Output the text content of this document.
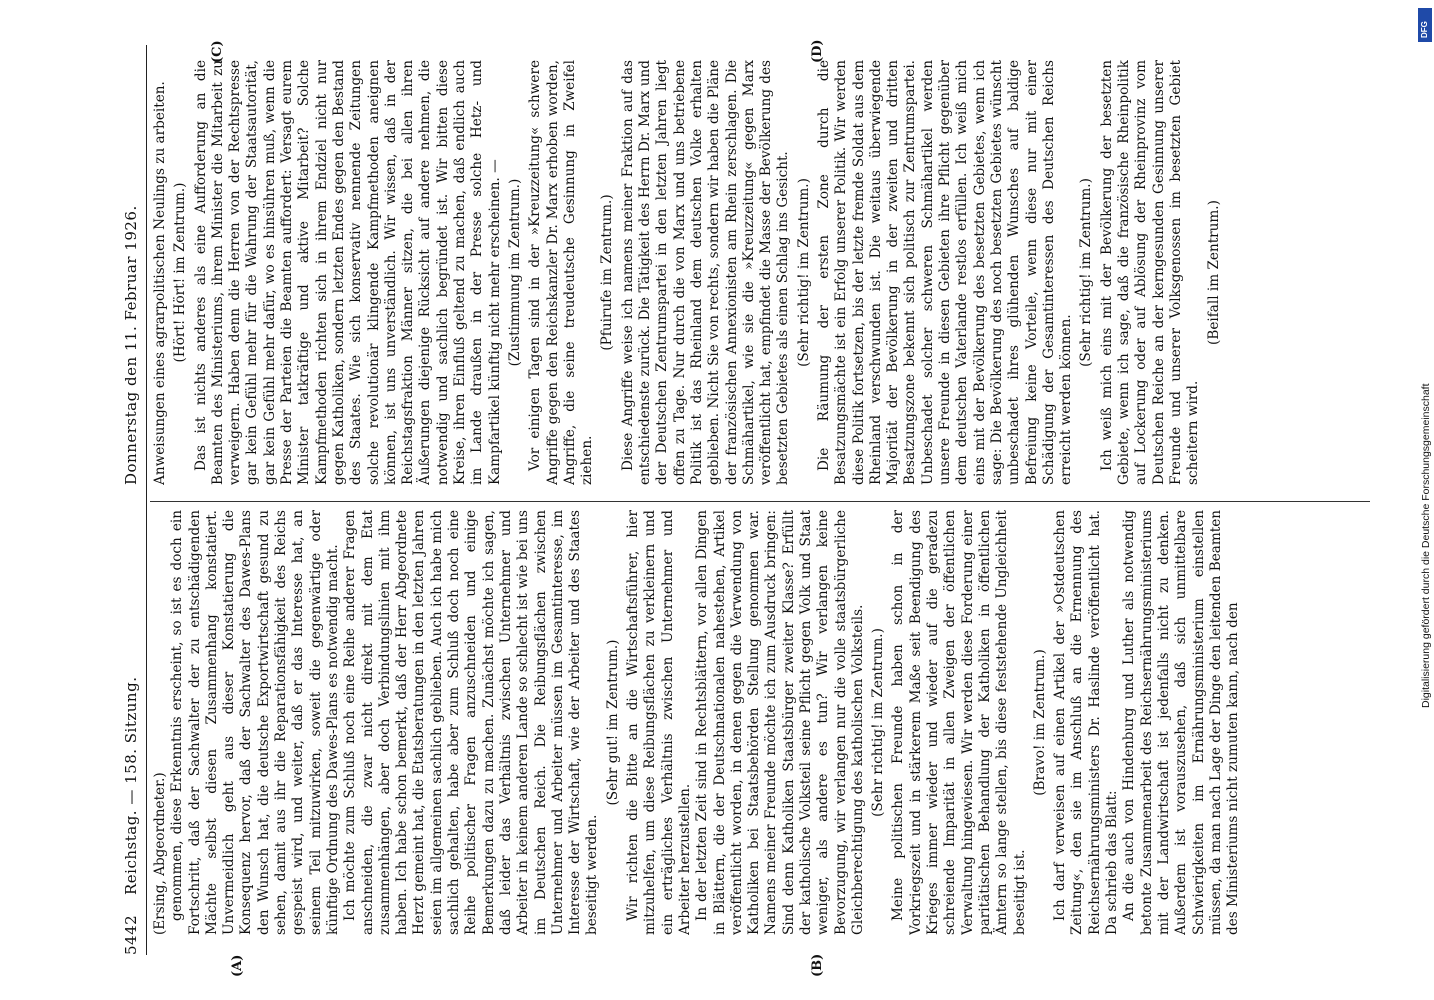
5442
Reichstag. — 158. Sitzung.
Donnerstag den 11. Februar 1926.
(A)	(B)
(C)	(D)

(Ersing, Abgeordneter.) genommen, diese Erkenntnis erscheint, so ist es doch ein Fortschritt, daß der Sachwalter der zu entschädigenden Mächte selbst diesen Zusammenhang konstatiert. Unvermeidlich geht aus dieser Konstatierung die Konsequenz hervor, daß der Sachwalter des Dawes-Plans den Wunsch hat, die deutsche Exportwirtschaft gesund zu sehen, damit aus ihr die Reparationsfähigkeit des Reichs gespeist wird, und weiter, daß er das Interesse hat, an seinem Teil mitzuwirken, soweit die gegenwärtige oder künftige Ordnung des Dawes-Plans es notwendig macht. Ich möchte zum Schluß noch eine Reihe anderer Fragen anschneiden, die zwar nicht direkt mit dem Etat zusammenhängen, aber doch Verbindungslinien mit ihm haben. Ich habe schon bemerkt, daß der Herr Abgeordnete Herzt gemeint hat, die Etatsberatungen in den letzten Jahren seien im allgemeinen sachlich geblieben. Auch ich habe mich sachlich gehalten, habe aber zum Schluß doch noch eine Reihe politischer Fragen anzuschneiden und einige Bemerkungen dazu zu machen. Zunächst möchte ich sagen, daß leider das Verhältnis zwischen Unternehmer und Arbeiter in keinem anderen Lande so schlecht ist wie bei uns im Deutschen Reich. Die Reibungsflächen zwischen Unternehmer und Arbeiter müssen im Gesamtinteresse, im Interesse der Wirtschaft, wie der Arbeiter und des Staates beseitigt werden.

(Sehr gut! im Zentrum.) Wir richten die Bitte an die Wirtschaftsführer, hier mitzuhelfen, um diese Reibungsflächen zu verkleinern und ein erträgliches Verhältnis zwischen Unternehmer und Arbeiter herzustellen. In der letzten Zeit sind in Rechtsblättern, vor allen Dingen in Blättern, die der Deutschnationalen nahestehen, Artikel veröffentlicht worden, in denen gegen die Verwendung von Katholiken bei Staatsbehörden Stellung genommen war. Namens meiner Freunde möchte ich zum Ausdruck bringen: Sind denn Katholiken Staatsbürger zweiter Klasse? Erfüllt der katholische Volksteil seine Pflicht gegen Volk und Staat weniger, als andere es tun? Wir verlangen keine Bevorzugung, wir verlangen nur die volle staatsbürgerliche Gleichberechtigung des katholischen Volksteils. (Sehr richtig! im Zentrum.) Meine politischen Freunde haben schon in der Vorkriegszeit und in stärkerem Maße seit Beendigung des Krieges immer wieder und wieder auf die geradezu schreiende Imparität in allen Zweigen der öffentlichen Verwaltung hingewiesen. Wir werden diese Forderung einer paritätischen Behandlung der Katholiken in öffentlichen Ämtern so lange stellen, bis diese feststehende Ungleichheit beseitigt ist.

(Bravo! im Zentrum.) Ich darf verweisen auf einen Artikel der »Ostdeutschen Zeitung«, den sie im Anschluß an die Ernennung des Reichsernährungsministers Dr. Haslinde veröffentlicht hat. Da schrieb das Blatt: An die auch von Hindenburg und Luther als notwendig betonte Zusammenarbeit des Reichsernährungsministeriums mit der Landwirtschaft ist jedenfalls nicht zu denken. Außerdem ist vorauszusehen, daß sich unmittelbare Schwierigkeiten im Ernährungsministerium einstellen müssen, da man nach Lage der Dinge den leitenden Beamten des Ministeriums nicht zumuten kann, nach den

Anweisungen eines agrarpolitischen Neulings zu arbeiten. (Hört! Hört! im Zentrum.) Das ist nichts anderes als eine Aufforderung an die Beamten des Ministeriums, ihrem Minister die Mitarbeit zu verweigern. Haben denn die Herren von der Rechtspresse gar kein Gefühl mehr für die Wahrung der Staatsautorität, gar kein Gefühl mehr dafür, wo es hinsühren muß, wenn die Presse der Parteien die Beamten auffordert: Versagt eurem Minister tatkräftige und aktive Mitarbeit? Solche Kampfmethoden richten sich in ihrem Endziel nicht nur gegen Katholiken, sondern letzten Endes gegen den Bestand des Staates. Wie sich konservativ nennende Zeitungen solche revolutionär klingende Kampfmethoden aneignen können, ist uns unverständlich. Wir wissen, daß in der Reichstagsfraktion Männer sitzen, die bei allen ihren Äußerungen diejenige Rücksicht auf andere nehmen, die notwendig und sachlich begründet ist. Wir bitten diese Kreise, ihren Einfluß geltend zu machen, daß endlich auch im Lande draußen in der Presse solche Hetz- und Kampfartikel künftig nicht mehr erscheinen. — (Zustimmung im Zentrum.) Vor einigen Tagen sind in der »Kreuzzeitung« schwere Angriffe gegen den Reichskanzler Dr. Marx erhoben worden, Angriffe, die seine treudeutsche Gesinnung in Zweifel ziehen.

(Pfuirufe im Zentrum.) Diese Angriffe weise ich namens meiner Fraktion auf das entschiedenste zurück. Die Tätigkeit des Herrn Dr. Marx und der Deutschen Zentrumspartei in den letzten Jahren liegt offen zu Tage. Nur durch die von Marx und uns betriebene Politik ist das Rheinland dem deutschen Volke erhalten geblieben. Nicht Sie von rechts, sondern wir haben die Pläne der französischen Annexionisten am Rhein zerschlagen. Die Schmähartikel, wie sie die »Kreuzzeitung« gegen Marx veröffentlicht hat, empfindet die Masse der Bevölkerung des besetzten Gebietes als einen Schlag ins Gesicht. (Sehr richtig! im Zentrum.) Die Räumung der ersten Zone durch die Besatzungsmächte ist ein Erfolg unserer Politik. Wir werden diese Politik fortsetzen, bis der letzte fremde Soldat aus dem Rheinland verschwunden ist. Die weitaus überwiegende Majorität der Bevölkerung in der zweiten und dritten Besatzungszone bekennt sich politisch zur Zentrumspartei. Unbeschadet solcher schweren Schmähartikel werden unsere Freunde in diesen Gebieten ihre Pflicht gegenüber dem deutschen Vaterlande restlos erfüllen. Ich weiß mich eins mit der Bevölkerung des besetzten Gebietes, wenn ich sage: Die Bevölkerung des noch besetzten Gebietes wünscht unbeschadet ihres glühenden Wunsches auf baldige Befreiung keine Vorteile, wenn diese nur mit einer Schädigung der Gesamtinteressen des Deutschen Reichs erreicht werden können.

(Sehr richtig! im Zentrum.) Ich weiß mich eins mit der Bevölkerung der besetzten Gebiete, wenn ich sage, daß die französische Rheinpolitik auf Lockerung oder auf Ablösung der Rheinprovinz vom Deutschen Reiche an der kerngesunden Gesinnung unserer Freunde und unserer Volksgenossen im besetzten Gebiet scheitern wird.

(Beifall im Zentrum.)

DFG
Digitalisierung gefördert durch die Deutsche Forschungsgemeinschaft
